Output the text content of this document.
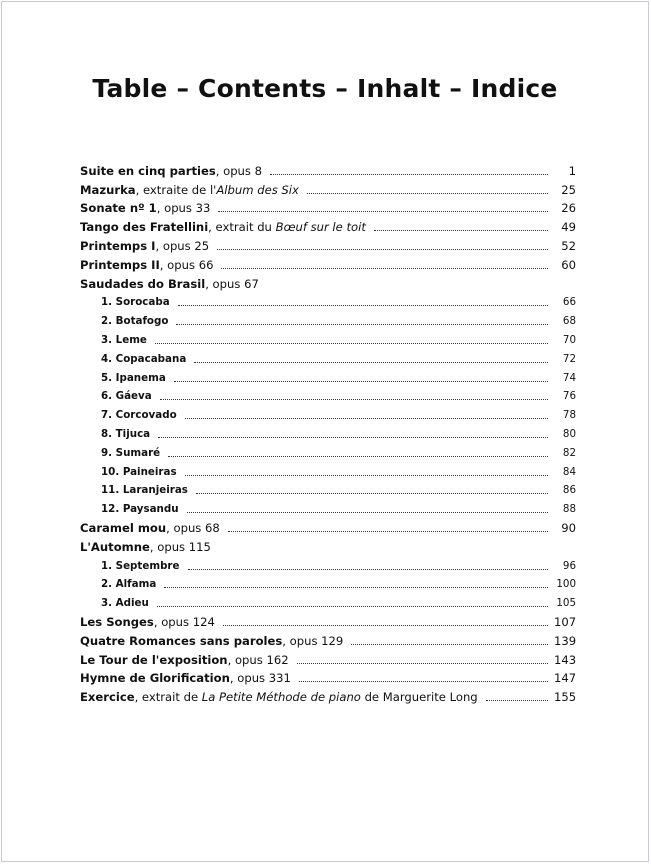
Table – Contents – Inhalt – Indice
Suite en cinq parties, opus 8	1
Mazurka, extraite de l'Album des Six	25
Sonate nº 1, opus 33	26
Tango des Fratellini, extrait du Bœuf sur le toit	49
Printemps I, opus 25	52
Printemps II, opus 66	60
Saudades do Brasil, opus 67
1. Sorocaba	66
2. Botafogo	68
3. Leme	70
4. Copacabana	72
5. Ipanema	74
6. Gáeva	76
7. Corcovado	78
8. Tijuca	80
9. Sumaré	82
10. Paineiras	84
11. Laranjeiras	86
12. Paysandu	88
Caramel mou, opus 68	90
L'Automne, opus 115
1. Septembre	96
2. Alfama	100
3. Adieu	105
Les Songes, opus 124	107
Quatre Romances sans paroles, opus 129	139
Le Tour de l'exposition, opus 162	143
Hymne de Glorification, opus 331	147
Exercice, extrait de La Petite Méthode de piano de Marguerite Long	155
